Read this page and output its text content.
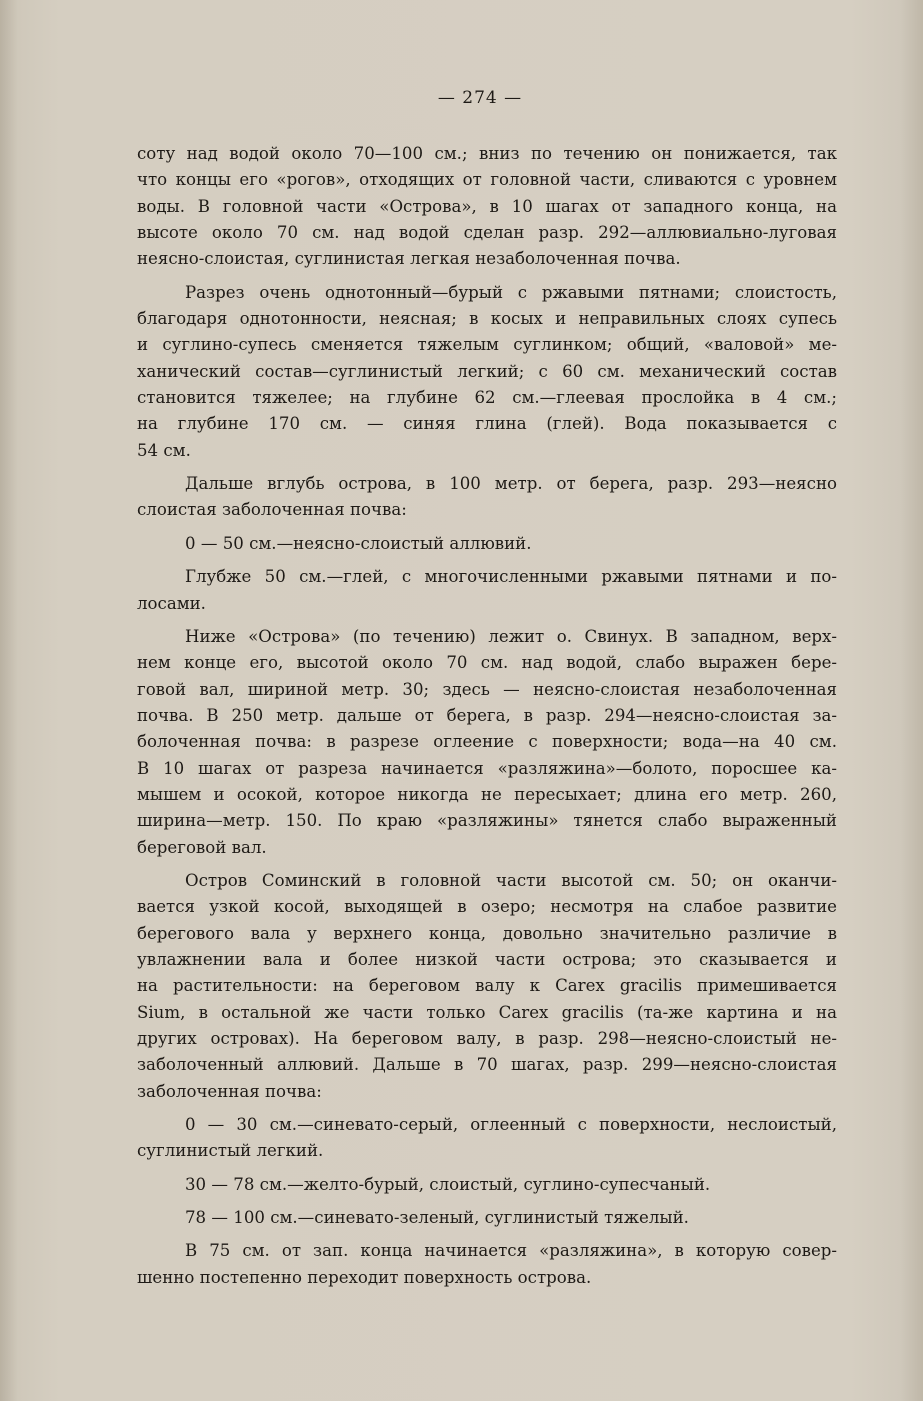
— 274 —

соту над водой около 70—100 см.; вниз по течению он понижается, так

что концы его «рогов», отходящих от головной части, сливаются с уровнем

воды. В головной части «Острова», в 10 шагах от западного конца, на

высоте около 70 см. над водой сделан разр. 292—аллювиально-луговая

неясно-слоистая, суглинистая легкая незаболоченная почва.

Разрез очень однотонный—бурый с ржавыми пятнами; слоистость,

благодаря однотонности, неясная; в косых и неправильных слоях супесь

и суглино-супесь сменяется тяжелым суглинком; общий, «валовой» ме-

ханический состав—суглинистый легкий; с 60 см. механический состав

становится тяжелее; на глубине 62 см.—глеевая прослойка в 4 см.;

на глубине 170 см. — синяя глина (глей). Вода показывается с

54 см.

Дальше вглубь острова, в 100 метр. от берега, разр. 293—неясно

слоистая заболоченная почва:

0 — 50 см.—неясно-слоистый аллювий.

Глубже 50 см.—глей, с многочисленными ржавыми пятнами и по-

лосами.

Ниже «Острова» (по течению) лежит о. Свинух. В западном, верх-

нем конце его, высотой около 70 см. над водой, слабо выражен бере-

говой вал, шириной метр. 30; здесь — неясно-слоистая незаболоченная

почва. В 250 метр. дальше от берега, в разр. 294—неясно-слоистая за-

болоченная почва: в разрезе оглеение с поверхности; вода—на 40 см.

В 10 шагах от разреза начинается «разляжина»—болото, поросшее ка-

мышем и осокой, которое никогда не пересыхает; длина его метр. 260,

ширина—метр. 150. По краю «разляжины» тянется слабо выраженный

береговой вал.

Остров Соминский в головной части высотой см. 50; он оканчи-

вается узкой косой, выходящей в озеро; несмотря на слабое развитие

берегового вала у верхнего конца, довольно значительно различие в

увлажнении вала и более низкой части острова; это сказывается и

на растительности: на береговом валу к Carex gracilis примешивается

Sium, в остальной же части только Carex gracilis (та-же картина и на

других островах). На береговом валу, в разр. 298—неясно-слоистый не-

заболоченный аллювий. Дальше в 70 шагах, разр. 299—неясно-слоистая

заболоченная почва:

0 — 30 см.—синевато-серый, оглеенный с поверхности, неслоистый,

суглинистый легкий.

30 — 78 см.—желто-бурый, слоистый, суглино-супесчаный.

78 — 100 см.—синевато-зеленый, суглинистый тяжелый.

В 75 см. от зап. конца начинается «разляжина», в которую совер-

шенно постепенно переходит поверхность острова.
